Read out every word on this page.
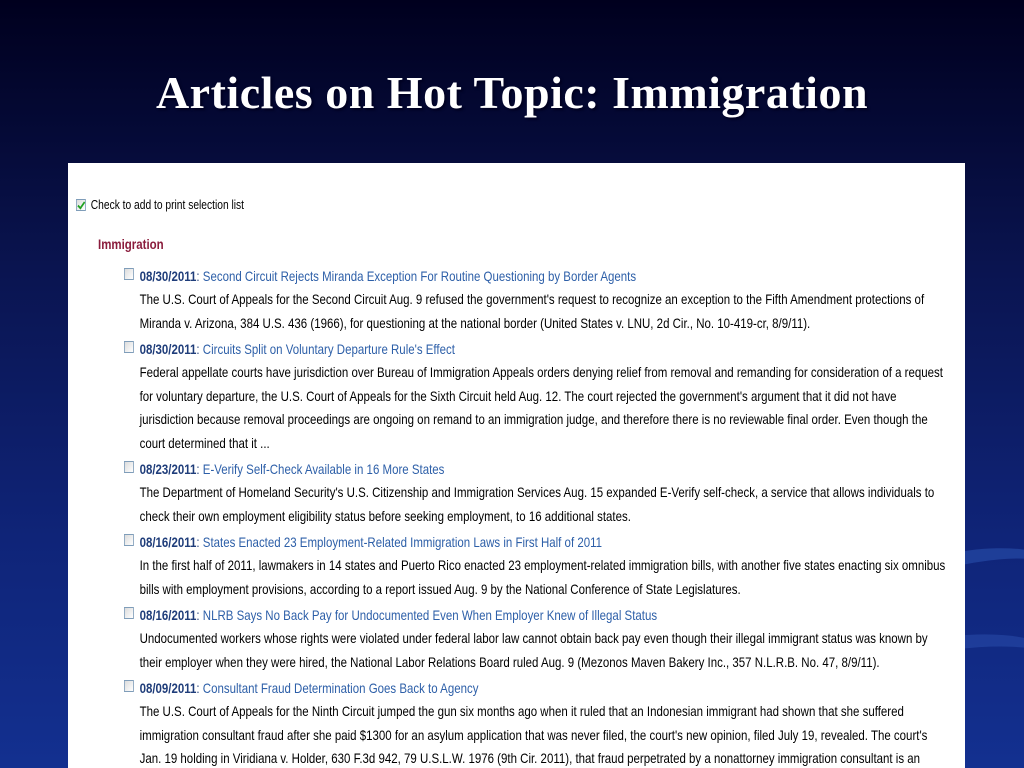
Articles on Hot Topic: Immigration
Check to add to print selection list
Immigration
08/30/2011: Second Circuit Rejects Miranda Exception For Routine Questioning by Border Agents
The U.S. Court of Appeals for the Second Circuit Aug. 9 refused the government's request to recognize an exception to the Fifth Amendment protections of Miranda v. Arizona, 384 U.S. 436 (1966), for questioning at the national border (United States v. LNU, 2d Cir., No. 10-419-cr, 8/9/11).
08/30/2011: Circuits Split on Voluntary Departure Rule's Effect
Federal appellate courts have jurisdiction over Bureau of Immigration Appeals orders denying relief from removal and remanding for consideration of a request for voluntary departure, the U.S. Court of Appeals for the Sixth Circuit held Aug. 12. The court rejected the government's argument that it did not have jurisdiction because removal proceedings are ongoing on remand to an immigration judge, and therefore there is no reviewable final order. Even though the court determined that it ...
08/23/2011: E-Verify Self-Check Available in 16 More States
The Department of Homeland Security's U.S. Citizenship and Immigration Services Aug. 15 expanded E-Verify self-check, a service that allows individuals to check their own employment eligibility status before seeking employment, to 16 additional states.
08/16/2011: States Enacted 23 Employment-Related Immigration Laws in First Half of 2011
In the first half of 2011, lawmakers in 14 states and Puerto Rico enacted 23 employment-related immigration bills, with another five states enacting six omnibus bills with employment provisions, according to a report issued Aug. 9 by the National Conference of State Legislatures.
08/16/2011: NLRB Says No Back Pay for Undocumented Even When Employer Knew of Illegal Status
Undocumented workers whose rights were violated under federal labor law cannot obtain back pay even though their illegal immigrant status was known by their employer when they were hired, the National Labor Relations Board ruled Aug. 9 (Mezonos Maven Bakery Inc., 357 N.L.R.B. No. 47, 8/9/11).
08/09/2011: Consultant Fraud Determination Goes Back to Agency
The U.S. Court of Appeals for the Ninth Circuit jumped the gun six months ago when it ruled that an Indonesian immigrant had shown that she suffered immigration consultant fraud after she paid $1300 for an asylum application that was never filed, the court's new opinion, filed July 19, revealed. The court's Jan. 19 holding in Viridiana v. Holder, 630 F.3d 942, 79 U.S.L.W. 1976 (9th Cir. 2011), that fraud perpetrated by a nonattorney immigration consultant is an
